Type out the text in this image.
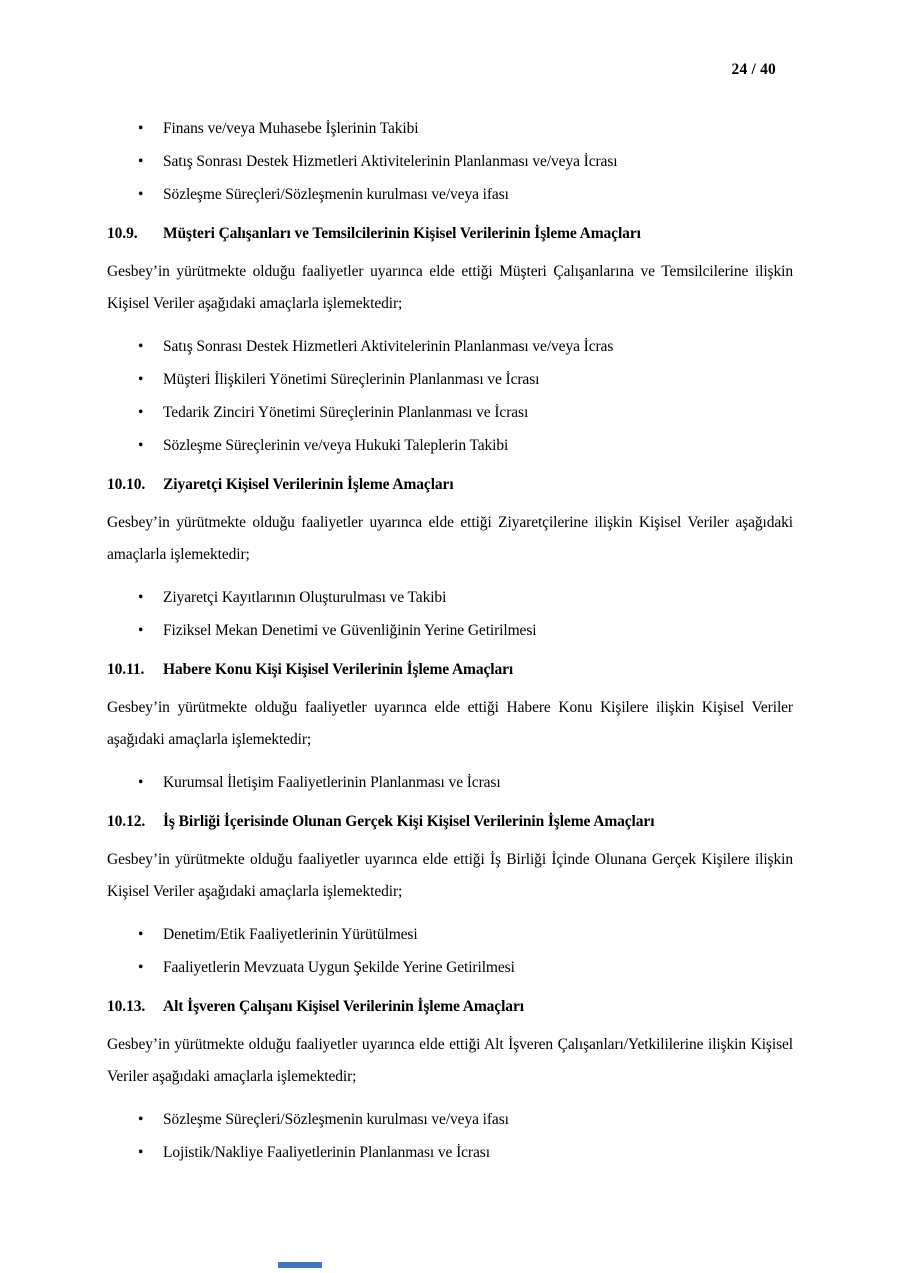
24 / 40
• Finans ve/veya Muhasebe İşlerinin Takibi
• Satış Sonrası Destek Hizmetleri Aktivitelerinin Planlanması ve/veya İcrası
• Sözleşme Süreçleri/Sözleşmenin kurulması ve/veya ifası
10.9.	Müşteri Çalışanları ve Temsilcilerinin Kişisel Verilerinin İşleme Amaçları

Gesbey’in yürütmekte olduğu faaliyetler uyarınca elde ettiği Müşteri Çalışanlarına ve Temsilcilerine ilişkin Kişisel Veriler aşağıdaki amaçlarla işlemektedir;

• Satış Sonrası Destek Hizmetleri Aktivitelerinin Planlanması ve/veya İcras
• Müşteri İlişkileri Yönetimi Süreçlerinin Planlanması ve İcrası
• Tedarik Zinciri Yönetimi Süreçlerinin Planlanması ve İcrası
• Sözleşme Süreçlerinin ve/veya Hukuki Taleplerin Takibi
10.10.	Ziyaretçi Kişisel Verilerinin İşleme Amaçları

Gesbey’in yürütmekte olduğu faaliyetler uyarınca elde ettiği Ziyaretçilerine ilişkin Kişisel Veriler aşağıdaki amaçlarla işlemektedir;

• Ziyaretçi Kayıtlarının Oluşturulması ve Takibi
• Fiziksel Mekan Denetimi ve Güvenliğinin Yerine Getirilmesi
10.11.	Habere Konu Kişi Kişisel Verilerinin İşleme Amaçları

Gesbey’in yürütmekte olduğu faaliyetler uyarınca elde ettiği Habere Konu Kişilere ilişkin Kişisel Veriler aşağıdaki amaçlarla işlemektedir;

• Kurumsal İletişim Faaliyetlerinin Planlanması ve İcrası
10.12.	İş Birliği İçerisinde Olunan Gerçek Kişi Kişisel Verilerinin İşleme Amaçları

Gesbey’in yürütmekte olduğu faaliyetler uyarınca elde ettiği İş Birliği İçinde Olunana Gerçek Kişilere ilişkin Kişisel Veriler aşağıdaki amaçlarla işlemektedir;

• Denetim/Etik Faaliyetlerinin Yürütülmesi
• Faaliyetlerin Mevzuata Uygun Şekilde Yerine Getirilmesi
10.13.	Alt İşveren Çalışanı Kişisel Verilerinin İşleme Amaçları

Gesbey’in yürütmekte olduğu faaliyetler uyarınca elde ettiği Alt İşveren Çalışanları/Yetkililerine ilişkin Kişisel Veriler aşağıdaki amaçlarla işlemektedir;

• Sözleşme Süreçleri/Sözleşmenin kurulması ve/veya ifası
• Lojistik/Nakliye Faaliyetlerinin Planlanması ve İcrası
